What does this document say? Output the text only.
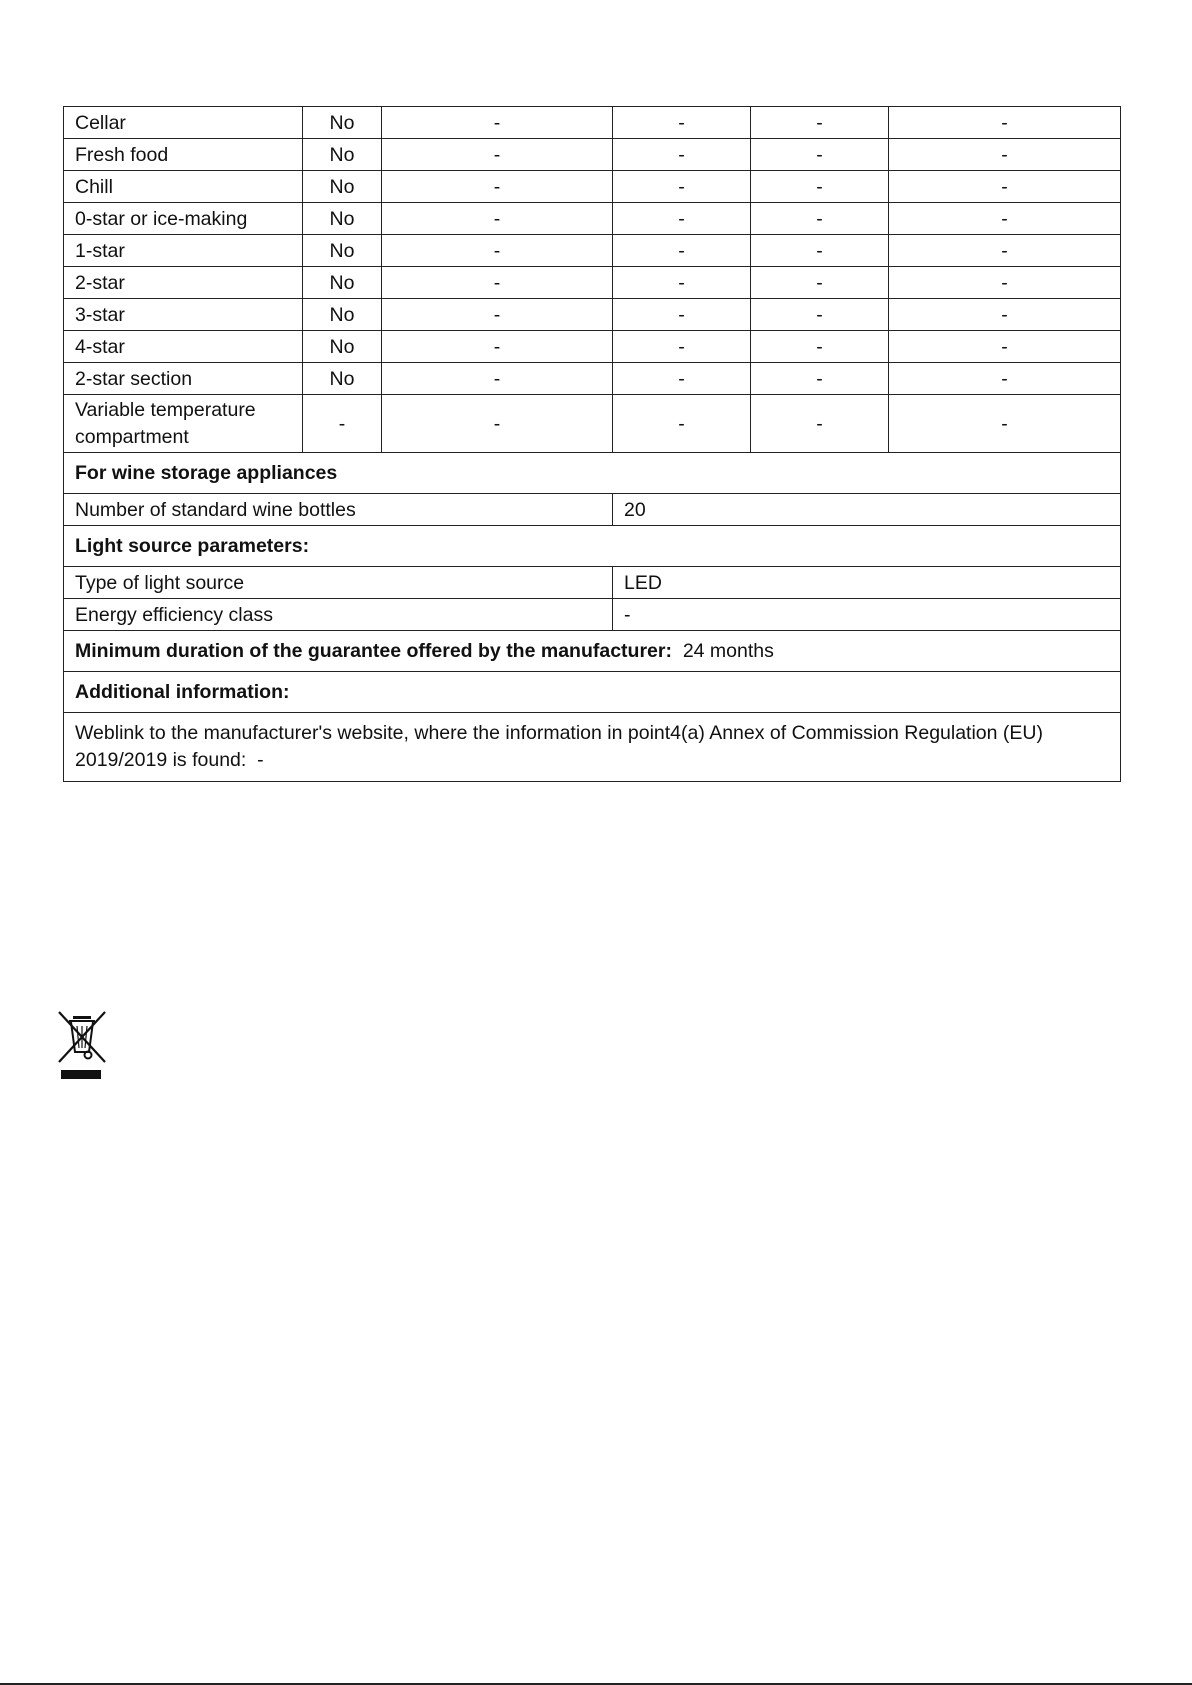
Cellar	No	-	-	-	-
Fresh food	No	-	-	-	-
Chill	No	-	-	-	-
0-star or ice-making	No	-	-	-	-
1-star	No	-	-	-	-
2-star	No	-	-	-	-
3-star	No	-	-	-	-
4-star	No	-	-	-	-
2-star section	No	-	-	-	-
Variable temperature compartment	-	-	-	-	-
For wine storage appliances					
Number of standard wine bottles			20		
Light source parameters:					
Type of light source			LED		
Energy efficiency class			-		
Minimum duration of the guarantee offered by the manufacturer: 24 months					
Additional information:					
Weblink to the manufacturer's website, where the information in point4(a) Annex of Commission Regulation (EU) 2019/2019 is found: -					
